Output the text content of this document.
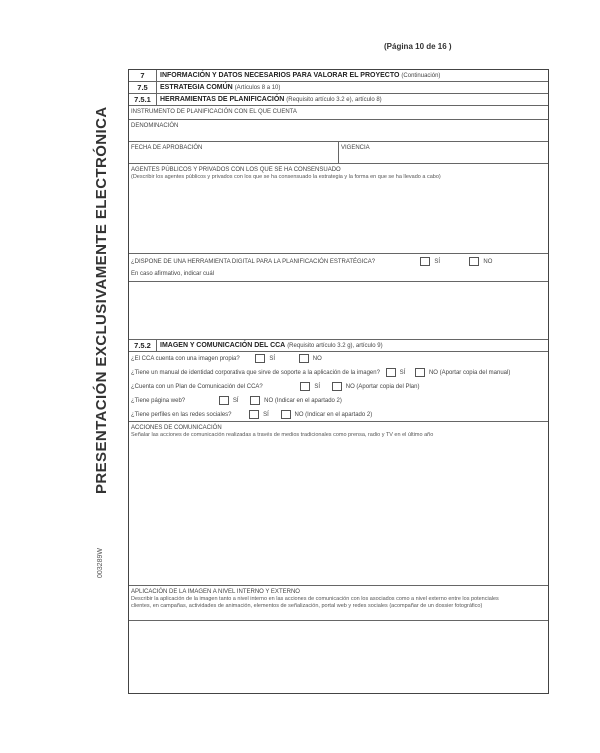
(Página 10 de 16 )
PRESENTACIÓN EXCLUSIVAMENTE ELECTRÓNICA
003289W
7	INFORMACIÓN Y DATOS NECESARIOS PARA VALORAR EL PROYECTO (Continuación)
7.5	ESTRATEGIA COMÚN (Artículos 8 a 10)
7.5.1	HERRAMIENTAS DE PLANIFICACIÓN (Requisito artículo 3.2 e), artículo 8)
INSTRUMENTO DE PLANIFICACIÓN CON EL QUE CUENTA
DENOMINACIÓN
FECHA DE APROBACIÓN	VIGENCIA
AGENTES PÚBLICOS Y PRIVADOS CON LOS QUE SE HA CONSENSUADO
(Describir los agentes públicos y privados con los que se ha consensuado la estrategia y la forma en que se ha llevado a cabo)
¿DISPONE DE UNA HERRAMIENTA DIGITAL PARA LA PLANIFICACIÓN ESTRATÉGICA?	SÍ	NO
En caso afirmativo, indicar cuál
7.5.2	IMAGEN Y COMUNICACIÓN DEL CCA (Requisito artículo 3.2 g), artículo 9)
¿El CCA cuenta con una imagen propia?	SÍ	NO
¿Tiene un manual de identidad corporativa que sirve de soporte a la aplicación de la imagen?	SÍ	NO (Aportar copia del manual)
¿Cuenta con un Plan de Comunicación del CCA?	SÍ	NO (Aportar copia del Plan)
¿Tiene página web?	SÍ	NO (Indicar en el apartado 2)
¿Tiene perfiles en las redes sociales?	SÍ	NO (Indicar en el apartado 2)
ACCIONES DE COMUNICACIÓN
Señalar las acciones de comunicación realizadas a través de medios tradicionales como prensa, radio y TV en el último año
APLICACIÓN DE LA IMAGEN A NIVEL INTERNO Y EXTERNO
Describir la aplicación de la imagen tanto a nivel interno en las acciones de comunicación con los asociados como a nivel externo entre los potenciales
clientes, en campañas, actividades de animación, elementos de señalización, portal web y redes sociales (acompañar de un dossier fotográfico)
